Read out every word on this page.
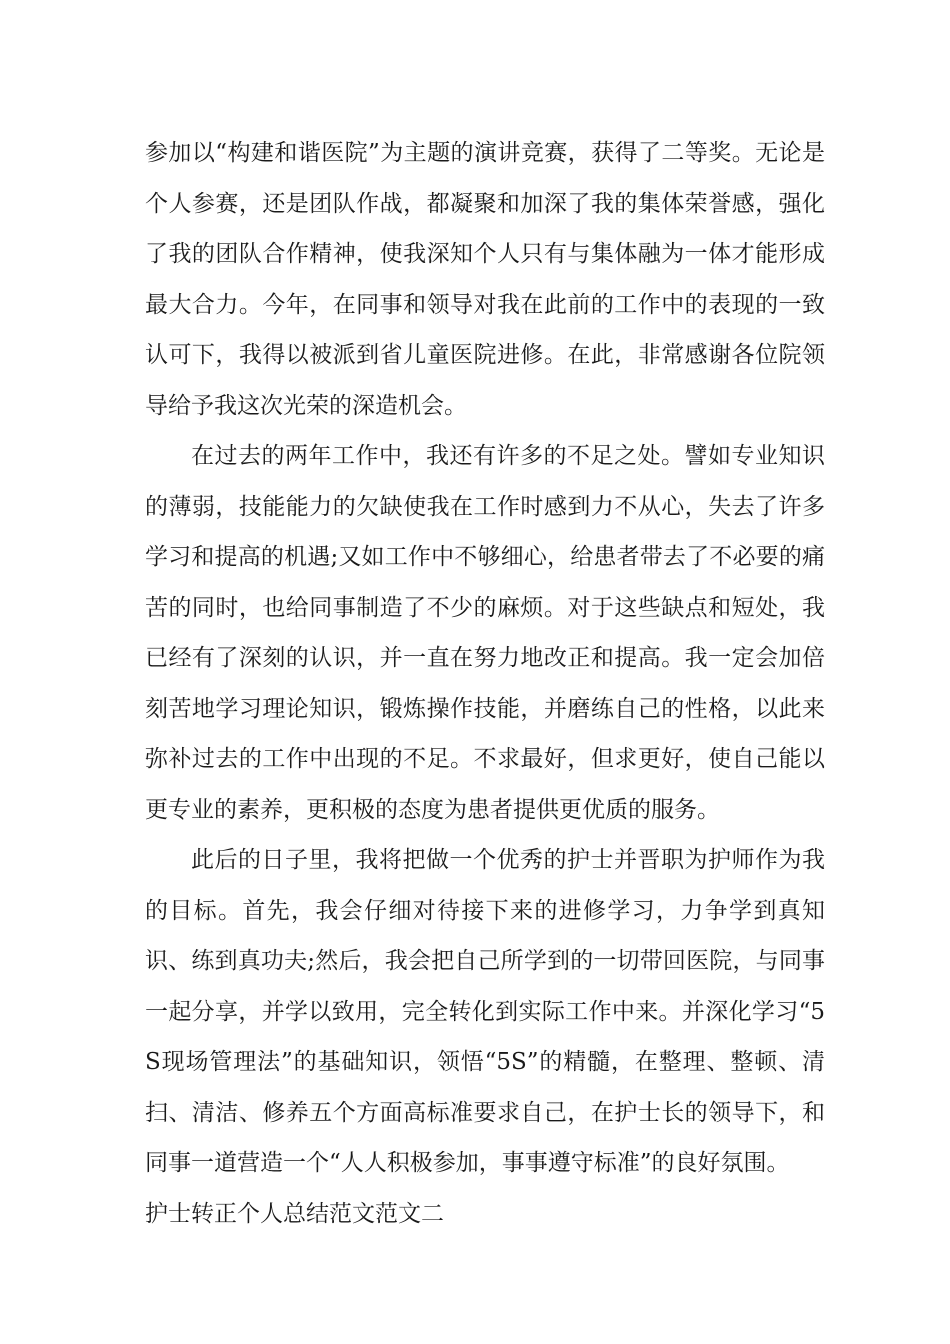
参加以“构建和谐医院”为主题的演讲竞赛，获得了二等奖。无论是个人参赛，还是团队作战，都凝聚和加深了我的集体荣誉感，强化了我的团队合作精神，使我深知个人只有与集体融为一体才能形成最大合力。今年，在同事和领导对我在此前的工作中的表现的一致认可下，我得以被派到省儿童医院进修。在此，非常感谢各位院领导给予我这次光荣的深造机会。

在过去的两年工作中，我还有许多的不足之处。譬如专业知识的薄弱，技能能力的欠缺使我在工作时感到力不从心，失去了许多学习和提高的机遇;又如工作中不够细心，给患者带去了不必要的痛苦的同时，也给同事制造了不少的麻烦。对于这些缺点和短处，我已经有了深刻的认识，并一直在努力地改正和提高。我一定会加倍刻苦地学习理论知识，锻炼操作技能，并磨练自己的性格，以此来弥补过去的工作中出现的不足。不求最好，但求更好，使自己能以更专业的素养，更积极的态度为患者提供更优质的服务。

此后的日子里，我将把做一个优秀的护士并晋职为护师作为我的目标。首先，我会仔细对待接下来的进修学习，力争学到真知识、练到真功夫;然后，我会把自己所学到的一切带回医院，与同事一起分享，并学以致用，完全转化到实际工作中来。并深化学习“5S现场管理法”的基础知识，领悟“5S”的精髓，在整理、整顿、清扫、清洁、修养五个方面高标准要求自己，在护士长的领导下，和同事一道营造一个“人人积极参加，事事遵守标准”的良好氛围。

护士转正个人总结范文范文二
